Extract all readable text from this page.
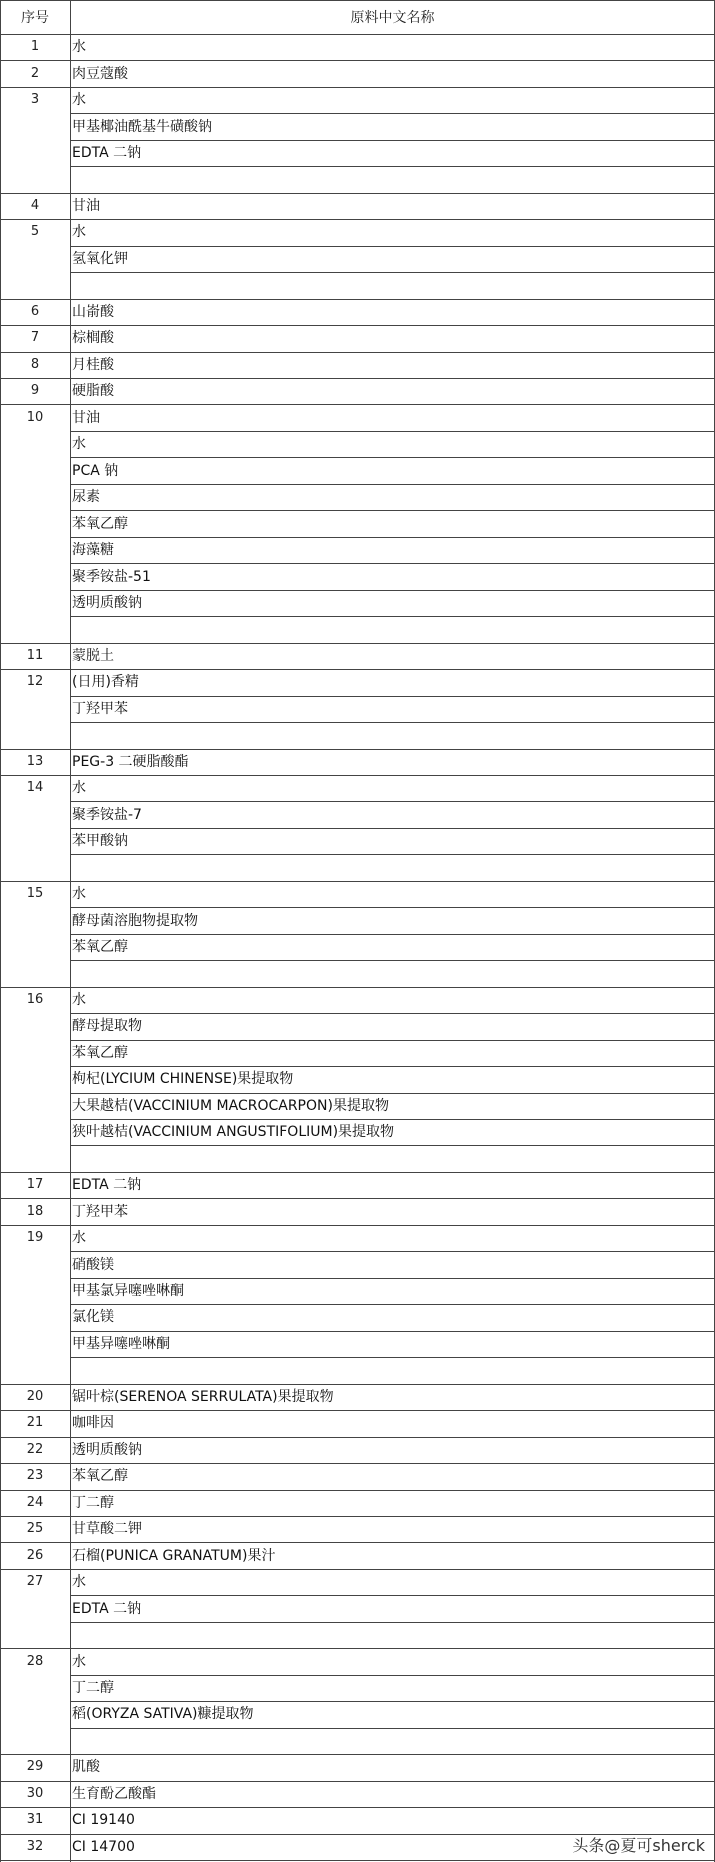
序号	原料中文名称
1	水
2	肉豆蔻酸
3	水
甲基椰油酰基牛磺酸钠
EDTA 二钠
4	甘油
5	水
氢氧化钾
6	山嵛酸
7	棕榈酸
8	月桂酸
9	硬脂酸
10	甘油
水
PCA 钠
尿素
苯氧乙醇
海藻糖
聚季铵盐-51
透明质酸钠
11	蒙脱土
12	(日用)香精
丁羟甲苯
13	PEG-3 二硬脂酸酯
14	水
聚季铵盐-7
苯甲酸钠
15	水
酵母菌溶胞物提取物
苯氧乙醇
16	水
酵母提取物
苯氧乙醇
枸杞(LYCIUM CHINENSE)果提取物
大果越桔(VACCINIUM MACROCARPON)果提取物
狭叶越桔(VACCINIUM ANGUSTIFOLIUM)果提取物
17	EDTA 二钠
18	丁羟甲苯
19	水
硝酸镁
甲基氯异噻唑啉酮
氯化镁
甲基异噻唑啉酮
20	锯叶棕(SERENOA SERRULATA)果提取物
21	咖啡因
22	透明质酸钠
23	苯氧乙醇
24	丁二醇
25	甘草酸二钾
26	石榴(PUNICA GRANATUM)果汁
27	水
EDTA 二钠
28	水
丁二醇
稻(ORYZA SATIVA)糠提取物
29	肌酸
30	生育酚乙酸酯
31	CI 19140
32	CI 14700	头条@夏可sherck
